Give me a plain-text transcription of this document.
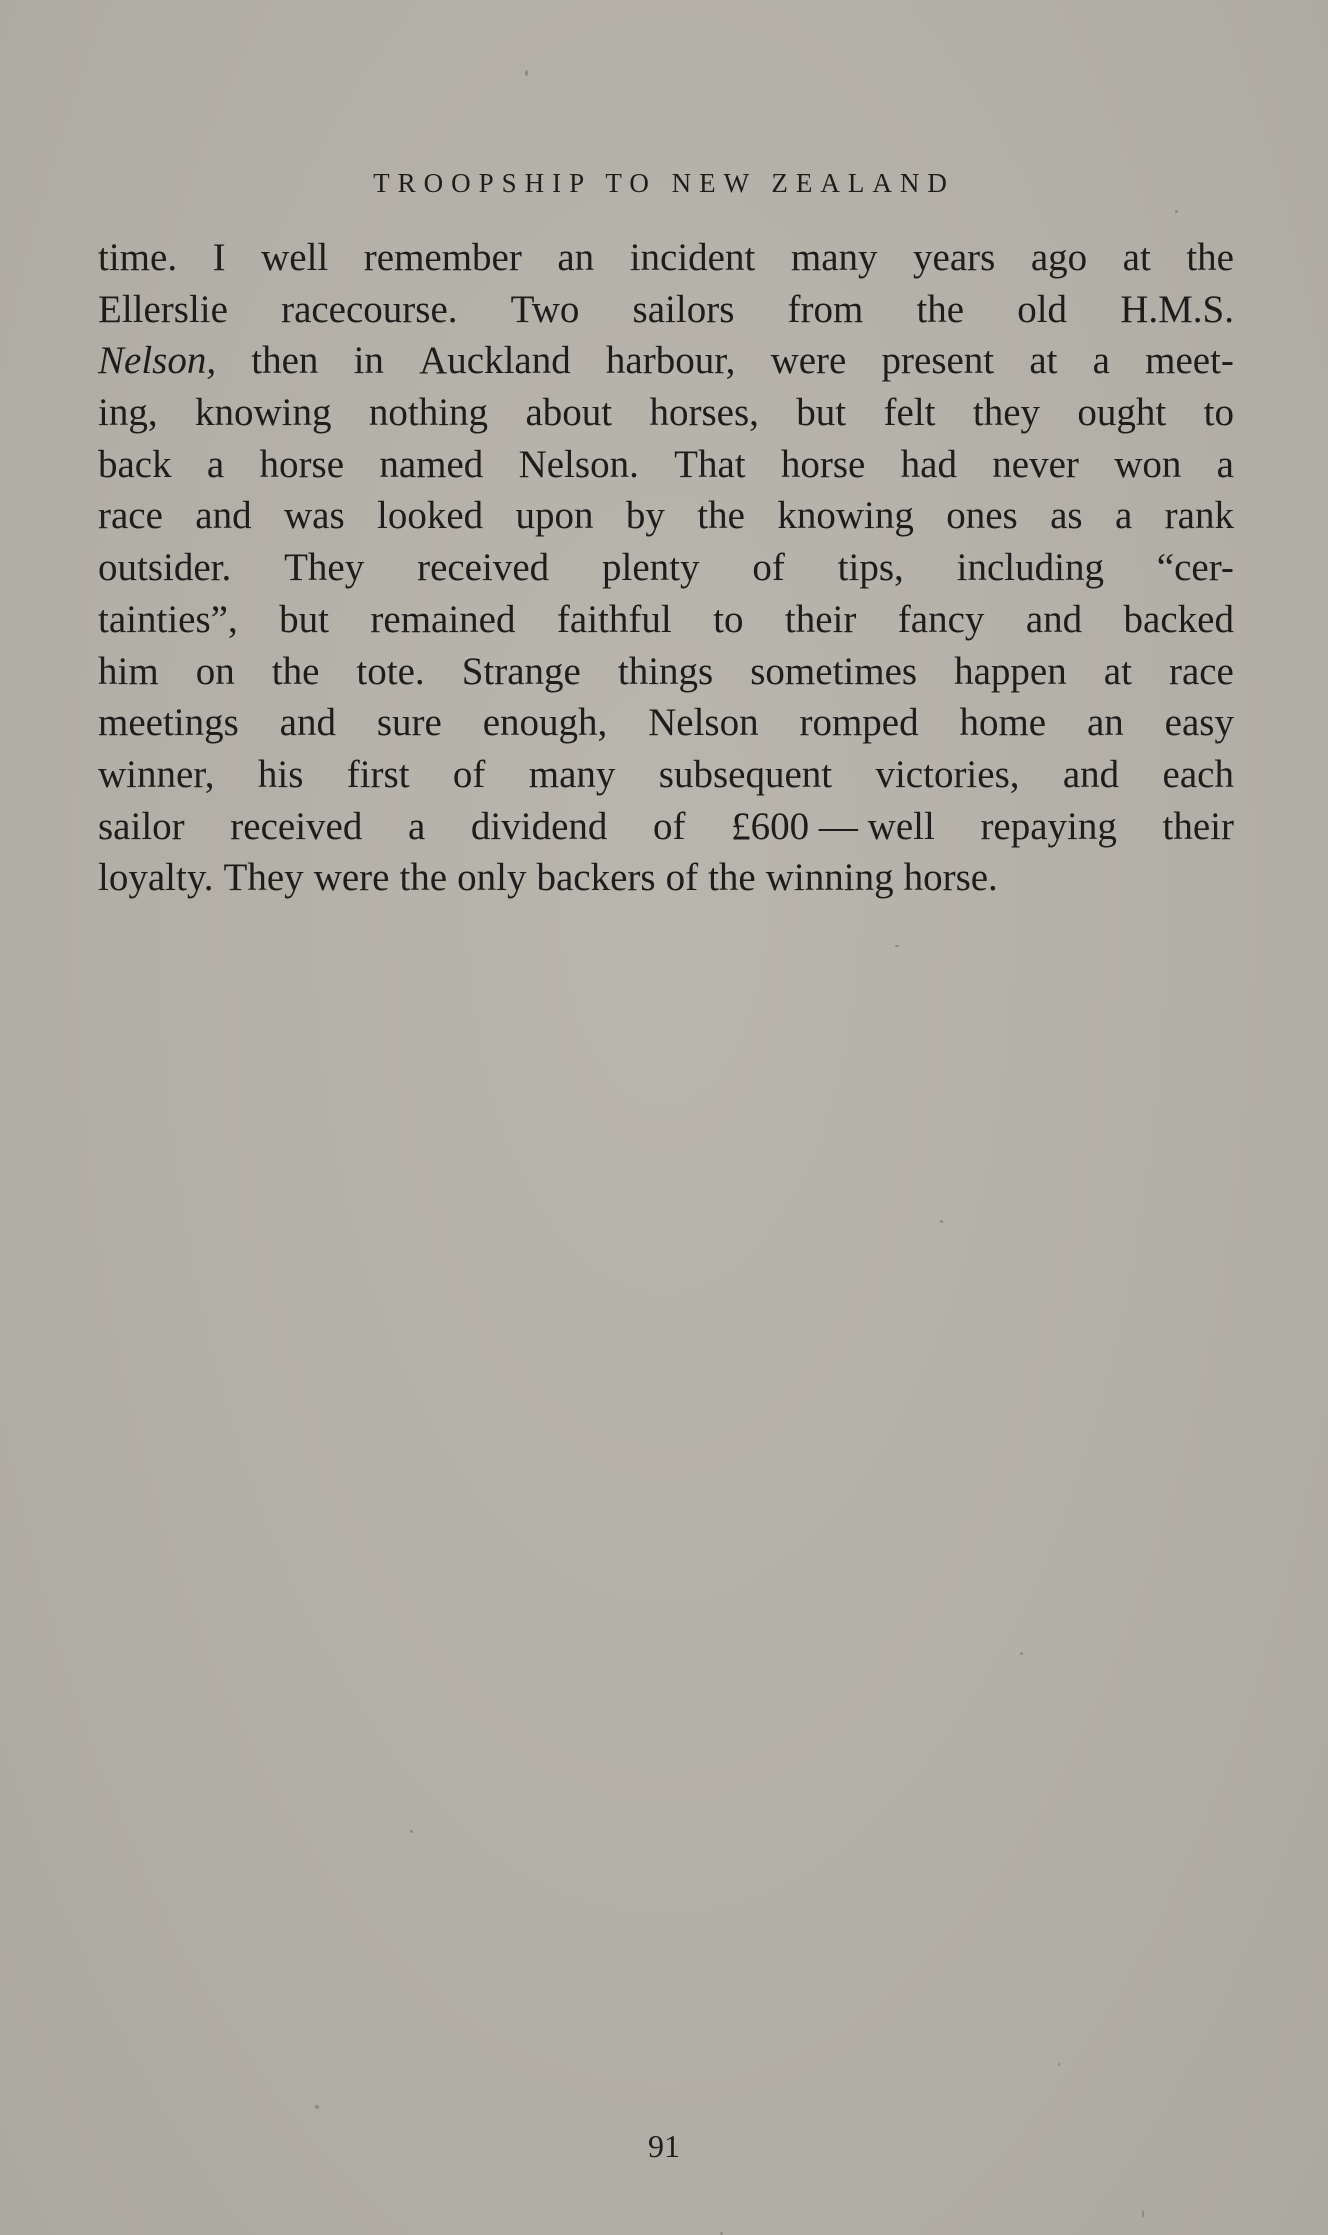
TROOPSHIP TO NEW ZEALAND
time. I well remember an incident many years ago at the
Ellerslie racecourse. Two sailors from the old H.M.S.
Nelson, then in Auckland harbour, were present at a meet-
ing, knowing nothing about horses, but felt they ought to
back a horse named Nelson. That horse had never won a
race and was looked upon by the knowing ones as a rank
outsider. They received plenty of tips, including “cer-
tainties”, but remained faithful to their fancy and backed
him on the tote. Strange things sometimes happen at race
meetings and sure enough, Nelson romped home an easy
winner, his first of many subsequent victories, and each
sailor received a dividend of £600 — well repaying their
loyalty. They were the only backers of the winning horse.
91
